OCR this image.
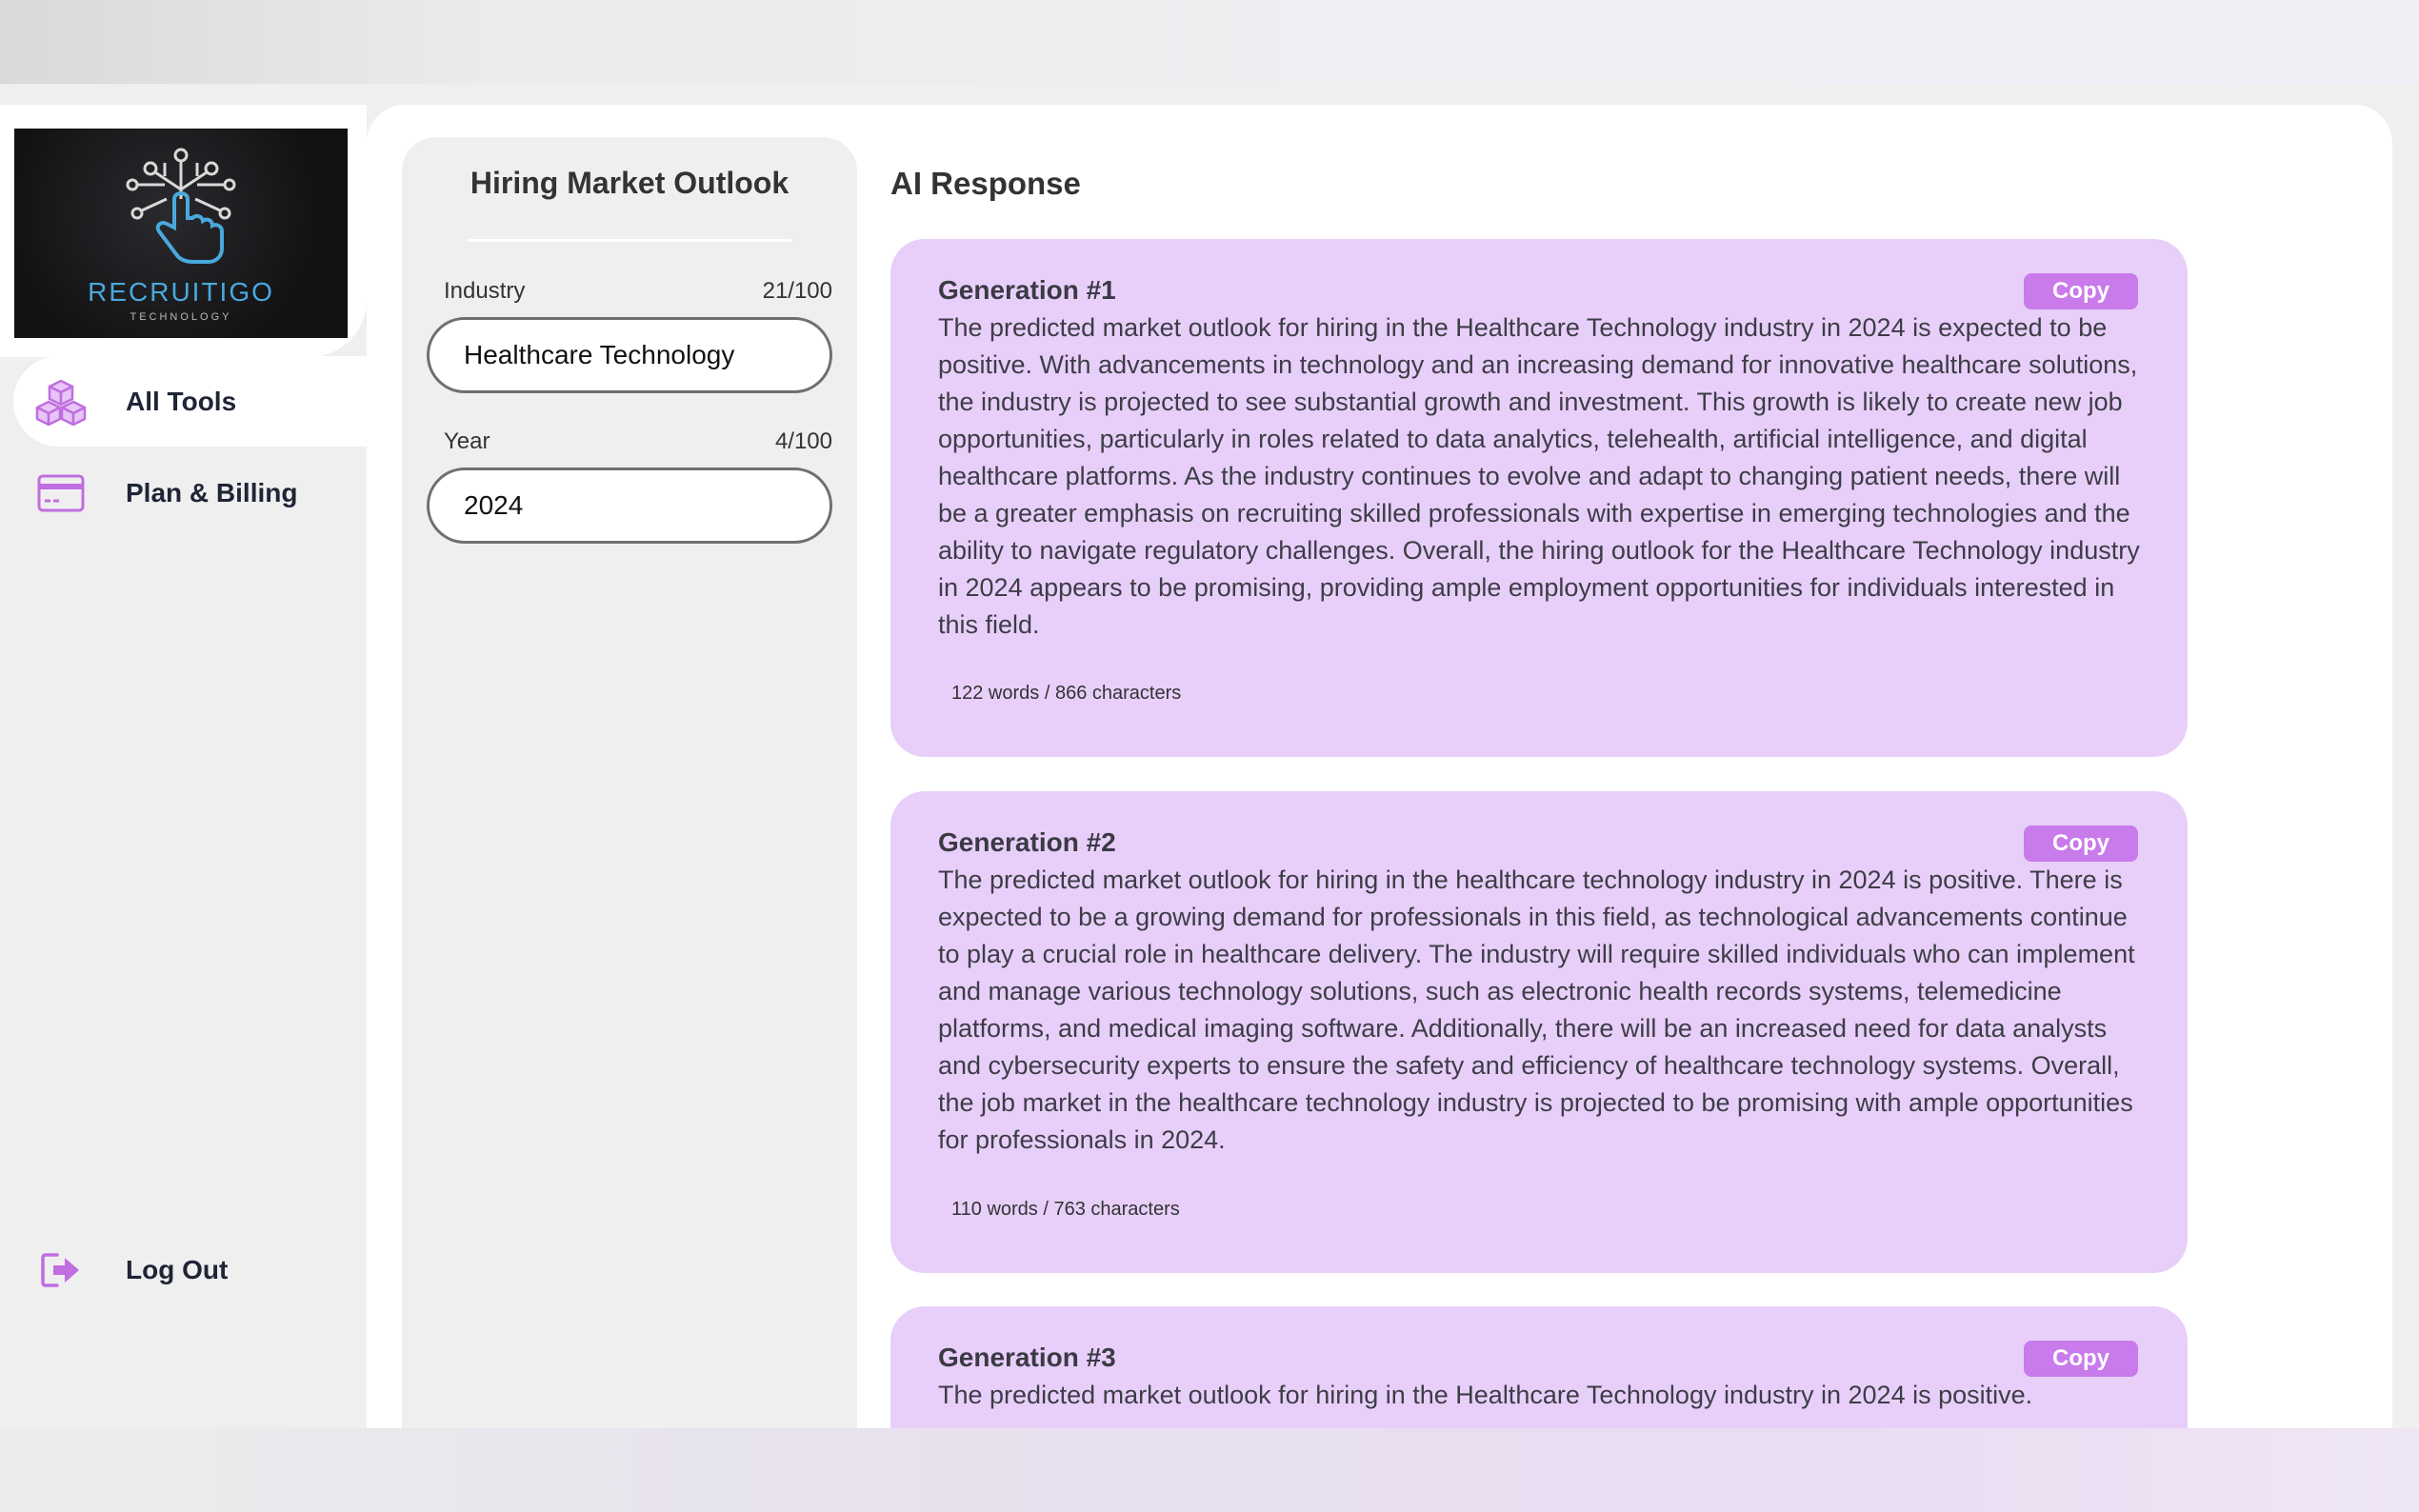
RECRUITIGO
TECHNOLOGY
All Tools
Plan & Billing
Log Out
Hiring Market Outlook
Industry	21/100
Healthcare Technology
Year	4/100
2024
AI Response
Generation #1	Copy
The predicted market outlook for hiring in the Healthcare Technology industry in 2024 is expected to be positive. With advancements in technology and an increasing demand for innovative healthcare solutions, the industry is projected to see substantial growth and investment. This growth is likely to create new job opportunities, particularly in roles related to data analytics, telehealth, artificial intelligence, and digital healthcare platforms. As the industry continues to evolve and adapt to changing patient needs, there will be a greater emphasis on recruiting skilled professionals with expertise in emerging technologies and the ability to navigate regulatory challenges. Overall, the hiring outlook for the Healthcare Technology industry in 2024 appears to be promising, providing ample employment opportunities for individuals interested in this field.
122 words / 866 characters
Generation #2	Copy
The predicted market outlook for hiring in the healthcare technology industry in 2024 is positive. There is expected to be a growing demand for professionals in this field, as technological advancements continue to play a crucial role in healthcare delivery. The industry will require skilled individuals who can implement and manage various technology solutions, such as electronic health records systems, telemedicine platforms, and medical imaging software. Additionally, there will be an increased need for data analysts and cybersecurity experts to ensure the safety and efficiency of healthcare technology systems. Overall, the job market in the healthcare technology industry is projected to be promising with ample opportunities for professionals in 2024.
110 words / 763 characters
Generation #3	Copy
The predicted market outlook for hiring in the Healthcare Technology industry in 2024 is positive.
